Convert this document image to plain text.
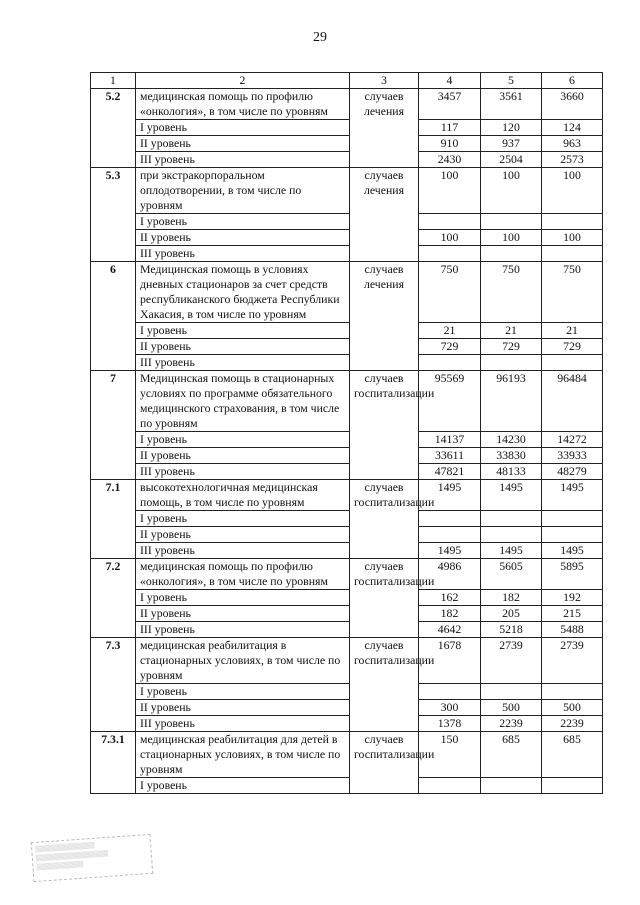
29
1	2	3	4	5	6
5.2	медицинская помощь по профилю «онкология», в том числе по уровням	случаев лечения	3457	3561	3660
	I уровень		117	120	124
	II уровень		910	937	963
	III уровень		2430	2504	2573
5.3	при экстракорпоральном оплодотворении, в том числе по уровням	случаев лечения	100	100	100
	I уровень				
	II уровень		100	100	100
	III уровень				
6	Медицинская помощь в условиях дневных стационаров за счет средств республиканского бюджета Республики Хакасия, в том числе по уровням	случаев лечения	750	750	750
	I уровень		21	21	21
	II уровень		729	729	729
	III уровень				
7	Медицинская помощь в стационарных условиях по программе обязательного медицинского страхования, в том числе по уровням	случаев госпитализации	95569	96193	96484
	I уровень		14137	14230	14272
	II уровень		33611	33830	33933
	III уровень		47821	48133	48279
7.1	высокотехнологичная медицинская помощь, в том числе по уровням	случаев госпитализации	1495	1495	1495
	I уровень				
	II уровень				
	III уровень		1495	1495	1495
7.2	медицинская помощь по профилю «онкология», в том числе по уровням	случаев госпитализации	4986	5605	5895
	I уровень		162	182	192
	II уровень		182	205	215
	III уровень		4642	5218	5488
7.3	медицинская реабилитация в стационарных условиях, в том числе по уровням	случаев госпитализации	1678	2739	2739
	I уровень				
	II уровень		300	500	500
	III уровень		1378	2239	2239
7.3.1	медицинская реабилитация для детей в стационарных условиях, в том числе по уровням	случаев госпитализации	150	685	685
	I уровень				
▒▒▒▒▒▒▒▒▒▒▒▒▒▒
▒▒▒▒▒▒▒▒▒▒▒▒▒▒▒▒▒
▒▒▒▒▒▒▒▒▒▒▒
